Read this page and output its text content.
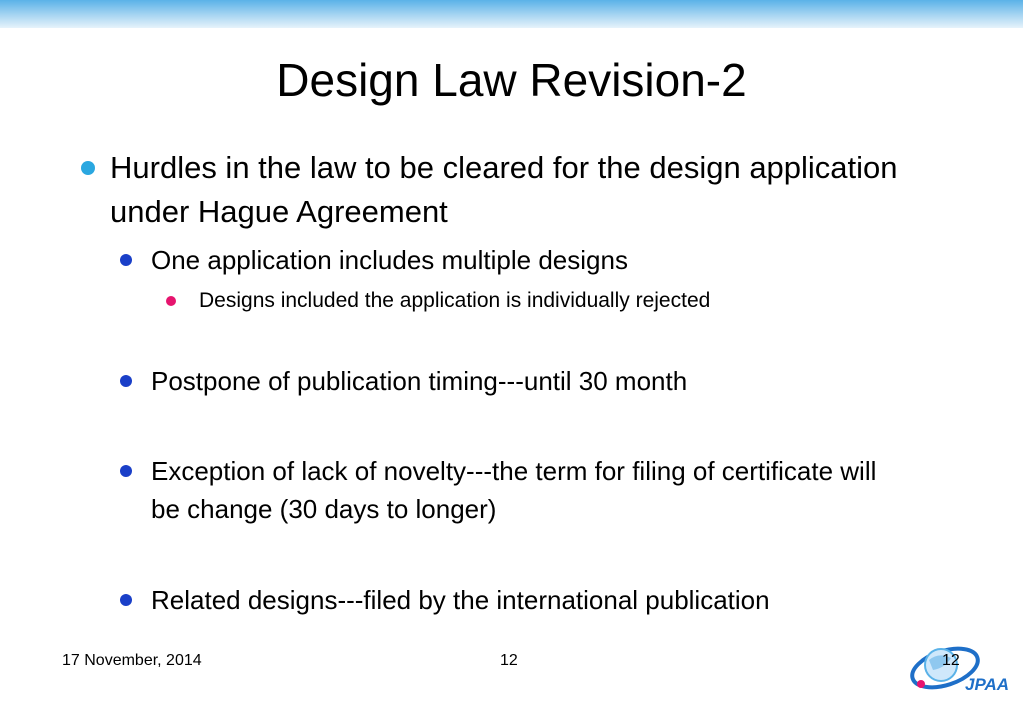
Design Law Revision-2
Hurdles in the law to be cleared for the design application under Hague Agreement
One application includes multiple designs
Designs included the application is individually rejected
Postpone of publication timing---until 30 month
Exception of lack of novelty---the term for filing of certificate will be change (30 days to longer)
Related designs---filed by the international publication
17 November, 2014	12
JPAA
12
